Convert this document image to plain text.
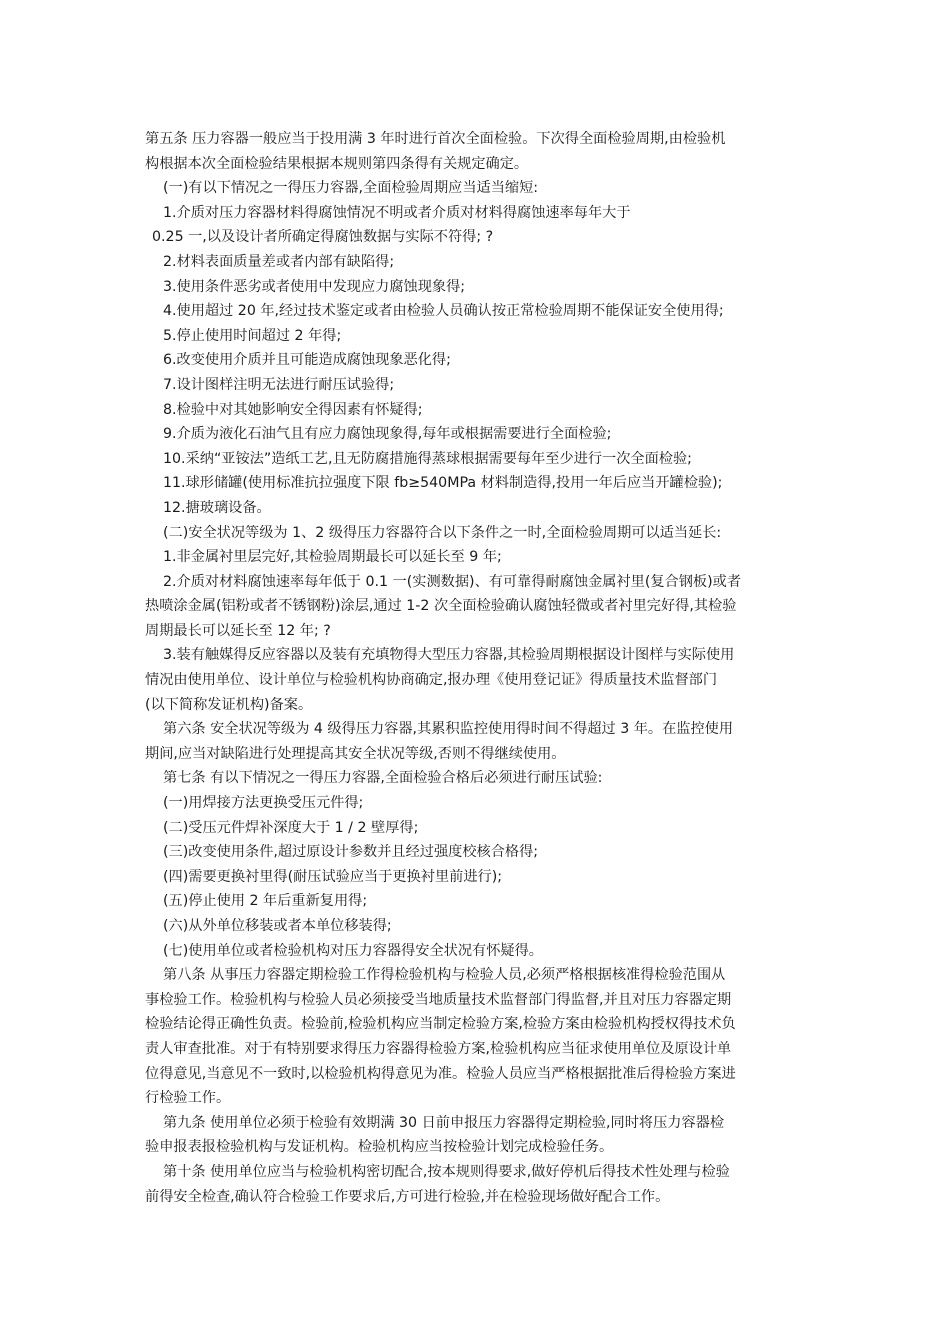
第五条 压力容器一般应当于投用满 3 年时进行首次全面检验。下次得全面检验周期,由检验机
构根据本次全面检验结果根据本规则第四条得有关规定确定。
(一)有以下情况之一得压力容器,全面检验周期应当适当缩短:
1.介质对压力容器材料得腐蚀情况不明或者介质对材料得腐蚀速率每年大于
0.25 一,以及设计者所确定得腐蚀数据与实际不符得; ?
2.材料表面质量差或者内部有缺陷得;
3.使用条件恶劣或者使用中发现应力腐蚀现象得;
4.使用超过 20 年,经过技术鉴定或者由检验人员确认按正常检验周期不能保证安全使用得;
5.停止使用时间超过 2 年得;
6.改变使用介质并且可能造成腐蚀现象恶化得;
7.设计图样注明无法进行耐压试验得;
8.检验中对其她影响安全得因素有怀疑得;
9.介质为液化石油气且有应力腐蚀现象得,每年或根据需要进行全面检验;
10.采纳“亚铵法”造纸工艺,且无防腐措施得蒸球根据需要每年至少进行一次全面检验;
11.球形储罐(使用标准抗拉强度下限 fb≥540MPa 材料制造得,投用一年后应当开罐检验);
12.搪玻璃设备。
(二)安全状况等级为 1、2 级得压力容器符合以下条件之一时,全面检验周期可以适当延长:
1.非金属衬里层完好,其检验周期最长可以延长至 9 年;
2.介质对材料腐蚀速率每年低于 0.1 一(实测数据)、有可靠得耐腐蚀金属衬里(复合钢板)或者
热喷涂金属(铝粉或者不锈钢粉)涂层,通过 1-2 次全面检验确认腐蚀轻微或者衬里完好得,其检验
周期最长可以延长至 12 年; ?
3.装有触媒得反应容器以及装有充填物得大型压力容器,其检验周期根据设计图样与实际使用
情况由使用单位、设计单位与检验机构协商确定,报办理《使用登记证》得质量技术监督部门
(以下简称发证机构)备案。
第六条 安全状况等级为 4 级得压力容器,其累积监控使用得时间不得超过 3 年。在监控使用
期间,应当对缺陷进行处理提高其安全状况等级,否则不得继续使用。
第七条 有以下情况之一得压力容器,全面检验合格后必须进行耐压试验:
(一)用焊接方法更换受压元件得;
(二)受压元件焊补深度大于 1 / 2 壁厚得;
(三)改变使用条件,超过原设计参数并且经过强度校核合格得;
(四)需要更换衬里得(耐压试验应当于更换衬里前进行);
(五)停止使用 2 年后重新复用得;
(六)从外单位移装或者本单位移装得;
(七)使用单位或者检验机构对压力容器得安全状况有怀疑得。
第八条 从事压力容器定期检验工作得检验机构与检验人员,必须严格根据核准得检验范围从
事检验工作。检验机构与检验人员必须接受当地质量技术监督部门得监督,并且对压力容器定期
检验结论得正确性负责。检验前,检验机构应当制定检验方案,检验方案由检验机构授权得技术负
责人审查批准。对于有特别要求得压力容器得检验方案,检验机构应当征求使用单位及原设计单
位得意见,当意见不一致时,以检验机构得意见为准。检验人员应当严格根据批准后得检验方案进
行检验工作。
第九条 使用单位必须于检验有效期满 30 日前申报压力容器得定期检验,同时将压力容器检
验申报表报检验机构与发证机构。检验机构应当按检验计划完成检验任务。
第十条 使用单位应当与检验机构密切配合,按本规则得要求,做好停机后得技术性处理与检验
前得安全检查,确认符合检验工作要求后,方可进行检验,并在检验现场做好配合工作。
